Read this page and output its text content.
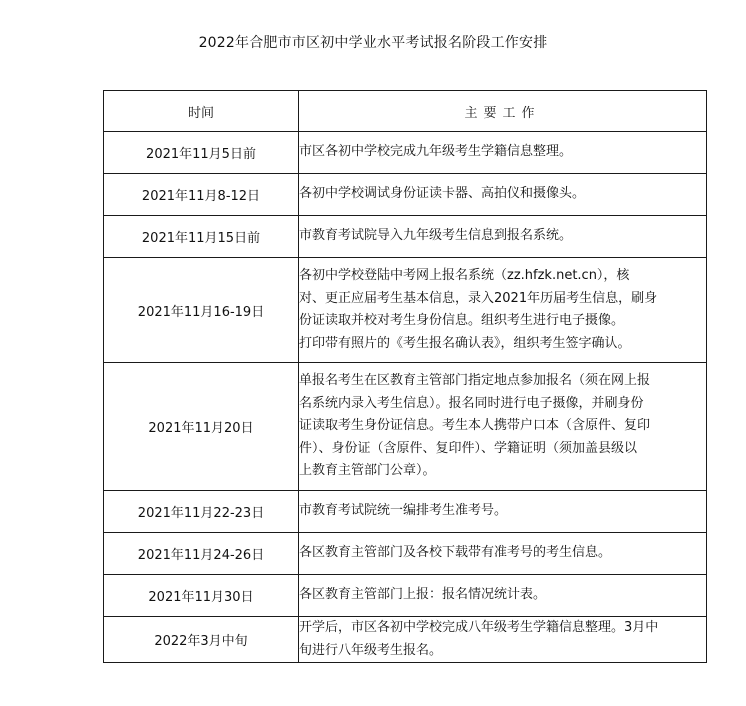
2022年合肥市市区初中学业水平考试报名阶段工作安排
时间	主要工作
2021年11月5日前	市区各初中学校完成九年级考生学籍信息整理。

2021年11月8-12日	各初中学校调试身份证读卡器、高拍仪和摄像头。

2021年11月15日前	市教育考试院导入九年级考生信息到报名系统。

2021年11月16-19日	各初中学校登陆中考网上报名系统（zz.hfzk.net.cn），核
对、更正应届考生基本信息，录入2021年历届考生信息，刷身
份证读取并校对考生身份信息。组织考生进行电子摄像。
打印带有照片的《考生报名确认表》，组织考生签字确认。

2021年11月20日	单报名考生在区教育主管部门指定地点参加报名（须在网上报
名系统内录入考生信息）。报名同时进行电子摄像，并刷身份
证读取考生身份证信息。考生本人携带户口本（含原件、复印
件）、身份证（含原件、复印件）、学籍证明（须加盖县级以
上教育主管部门公章）。

2021年11月22-23日	市教育考试院统一编排考生准考号。

2021年11月24-26日	各区教育主管部门及各校下载带有准考号的考生信息。

2021年11月30日	各区教育主管部门上报：报名情况统计表。

2022年3月中旬	开学后，市区各初中学校完成八年级考生学籍信息整理。3月中
旬进行八年级考生报名。
